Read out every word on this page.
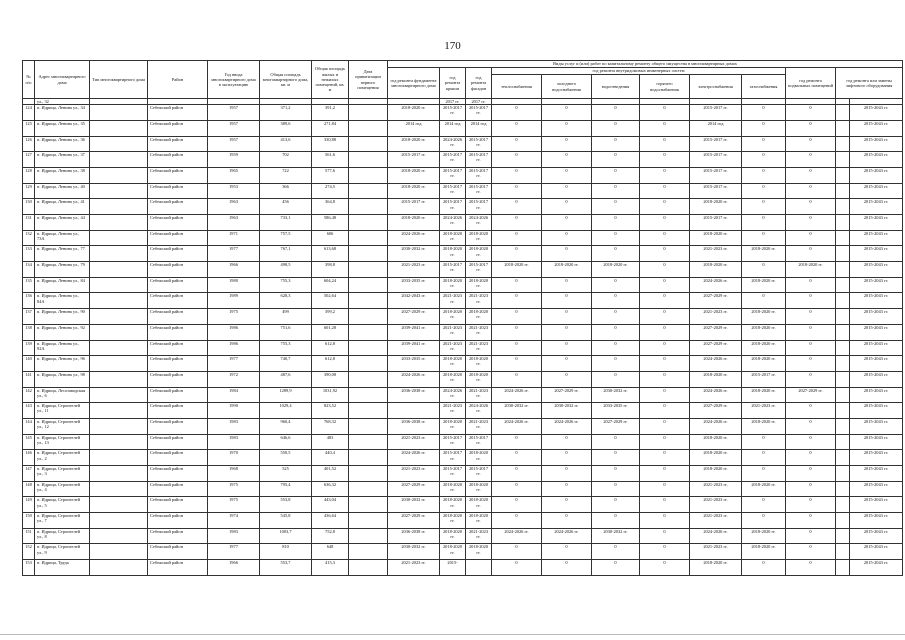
170
№ п/п	Адрес многоквартирного дома	Тип многоквартирного дома	Район	Год ввода многоквартирного дома в эксплуатацию	Общая площадь многоквартирного дома, кв. м	Общая площадь жилых и нежилых помещений, кв. м	Дата приватизации первого помещения	Виды услуг и (или) работ по капитальному ремонту общего имущества в многоквартирных домах												
								год ремонта фундамента многоквартирного дома	год ремонта крыши	год ремонта фасадов	год ремонта внутридомовых инженерных систем						год ремонта подвальных помещений	год ремонта или замены лифтового оборудования	
											теплоснабжения	холодного водоснабжения	водоотведения	горячего водоснабжения	электроснабжения	газоснабжения				
	ул., 32								2017 гг.	2017 гг.										
124	п. Идрица, Ленина ул., 34		Себежский район	1957	371,2	391,2		2018-2020 гг.	2015-2017 гг.	2015-2017 гг.	0	0	0	0	2015-2017 гг.	0	0		2015-2043 гг.	
125	п. Идрица, Ленина ул., 35		Себежский район	1957	389,6	271,84		2014 год	2014 год	2014 год	0	0	0	0	2014 год	0	0		2015-2043 гг.	
126	п. Идрица, Ленина ул., 36		Себежский район	1957	413,6	330,88		2018-2020 гг.	2024-2026 гг.	2015-2017 гг.	0	0	0	0	2015-2017 гг.	0	0		2015-2043 гг.	
127	п. Идрица, Ленина ул., 37		Себежский район	1959	702	561,6		2015-2017 гг.	2015-2017 гг.	2015-2017 гг.	0	0	0	0	2015-2017 гг.	0	0		2015-2043 гг.	
128	п. Идрица, Ленина ул., 38		Себежский район	1965	722	577,6		2018-2020 гг.	2015-2017 гг.	2015-2017 гг.	0	0	0	0	2015-2017 гг.	0	0		2015-2043 гг.	
129	п. Идрица, Ленина ул., 40		Себежский район	1953	366	274,5		2018-2020 гг.	2015-2017 гг.	2015-2017 гг.	0	0	0	0	2015-2017 гг.	0	0		2015-2043 гг.	
130	п. Идрица, Ленина ул., 41		Себежский район	1963	456	364,8		2015-2017 гг.	2015-2017 гг.	2015-2017 гг.	0	0	0	0	2018-2020 гг.	0	0		2015-2043 гг.	
131	п. Идрица, Ленина ул., 44		Себежский район	1963	733,1	586,48		2018-2020 гг.	2024-2026 гг.	2024-2026 гг.	0	0	0	0	2015-2017 гг.	0	0		2015-2043 гг.	
132	п. Идрица, Ленина ул., 73А		Себежский район	1971	757,5	606		2024-2026 гг.	2018-2020 гг.	2018-2020 гг.	0	0	0	0	2018-2020 гг.	0	0		2015-2043 гг.	
133	п. Идрица, Ленина ул., 77		Себежский район	1977	767,1	613,68		2030-2032 гг.	2018-2020 гг.	2018-2020 гг.	0	0	0	0	2021-2023 гг.	2018-2020 гг.	0		2015-2043 гг.	
134	п. Идрица, Ленина ул., 79		Себежский район	1966	498,5	398,8		2021-2023 гг.	2015-2017 гг.	2015-2017 гг.	2018-2020 гг.	2018-2020 гг.	2018-2020 гг.	0	2018-2020 гг.	0	2018-2020 гг.		2015-2043 гг.	
135	п. Идрица, Ленина ул., 84		Себежский район	1980	755,3	604,24		2033-2035 гг.	2018-2020 гг.	2018-2020 гг.	0	0	0	0	2024-2026 гг.	2018-2020 гг.	0		2015-2043 гг.	
136	п. Идрица, Ленина ул., 84А		Себежский район	1989	628,3	502,64		2042-2043 гг.	2021-2023 гг.	2021-2023 гг.	0	0	0	0	2027-2029 гг.	0	0		2015-2043 гг.	
137	п. Идрица, Ленина ул., 90		Себежский район	1975	499	399,2		2027-2029 гг.	2018-2020 гг.	2018-2020 гг.	0	0	0	0	2021-2023 гг.	2018-2020 гг.	0		2015-2043 гг.	
138	п. Идрица, Ленина ул., 92		Себежский район	1986	751,6	601,28		2039-2041 гг.	2021-2023 гг.	2021-2023 гг.	0	0	0	0	2027-2029 гг.	2018-2020 гг.	0		2015-2043 гг.	
139	п. Идрица, Ленина ул., 92А		Себежский район	1986	755,3	612,8		2039-2041 гг.	2021-2023 гг.	2021-2023 гг.	0	0	0	0	2027-2029 гг.	2018-2020 гг.	0		2015-2043 гг.	
140	п. Идрица, Ленина ул., 96		Себежский район	1977	740,7	612,8		2033-2035 гг.	2018-2020 гг.	2018-2020 гг.	0	0	0	0	2024-2026 гг.	2018-2020 гг.	0		2015-2043 гг.	
141	п. Идрица, Ленина ул., 98		Себежский район	1972	487,6	390,08		2024-2026 гг.	2018-2020 гг.	2018-2020 гг.	0	0	0	0	2018-2020 гг.	2015-2017 гг.	0		2015-2043 гг.	
142	п. Идрица, Лесозаводская ул., 6		Себежский район	1984	1289,9	1031,92		2036-2038 гг.	2024-2026 гг.	2021-2023 гг.	2024-2026 гг.	2027-2029 гг.	2030-2032 гг.	0	2024-2026 гг.	2018-2020 гг.	2027-2029 гг.		2015-2043 гг.	
143	п. Идрица, Строителей ул., 11		Себежский район	1990	1029,4	823,52			2021-2023 гг.	2024-2026 гг.	2030-2032 гг.	2030-2032 гг.	2033-2035 гг.	0	2027-2029 гг.	2021-2023 гг.	0		2015-2043 гг.	
144	п. Идрица, Строителей ул., 12		Себежский район	1983	960,4	768,32		2036-2038 гг.	2018-2020 гг.	2021-2023 гг.	2024-2026 гг.	2024-2026 гг.	2027-2029 гг.	0	2024-2026 гг.	2018-2020 гг.	0		2015-2043 гг.	
145	п. Идрица, Строителей ул., 13		Себежский район	1983	646,6	483		2021-2023 гг.	2015-2017 гг.	2015-2017 гг.	0	0	0	0	2018-2020 гг.	0	0		2015-2043 гг.	
146	п. Идрица, Строителей ул., 2		Себежский район	1970	550,5	440,4		2024-2026 гг.	2015-2017 гг.	2018-2020 гг.	0	0	0	0	2018-2020 гг.	0	0		2015-2043 гг.	
147	п. Идрица, Строителей ул., 3		Себежский район	1968	525	401,52		2021-2023 гг.	2015-2017 гг.	2015-2017 гг.	0	0	0	0	2018-2020 гг.	0	0		2015-2043 гг.	
148	п. Идрица, Строителей ул., 4		Себежский район	1975	795,4	636,32		2027-2029 гг.	2018-2020 гг.	2018-2020 гг.	0	0	0	0	2021-2023 гг.	2018-2020 гг.	0		2015-2043 гг.	
149	п. Идрица, Строителей ул., 5		Себежский район	1975	553,8	443,04		2030-2032 гг.	2018-2020 гг.	2018-2020 гг.	0	0	0	0	2021-2023 гг.	0	0		2015-2043 гг.	
150	п. Идрица, Строителей ул., 7		Себежский район	1974	545,8	436,64		2027-2029 гг.	2018-2020 гг.	2018-2020 гг.	0	0	0	0	2021-2023 гг.	0	0		2015-2043 гг.	
151	п. Идрица, Строителей ул., 8		Себежский район	1983	1003,7	752,8		2036-2038 гг.	2018-2020 гг.	2021-2023 гг.	2024-2026 гг.	2024-2026 гг.	2030-2032 гг.	0	2024-2026 гг.	2018-2020 гг.	0		2015-2043 гг.	
152	п. Идрица, Строителей ул., 9		Себежский район	1977	810	648		2030-2032 гг.	2018-2020 гг.	2018-2020 гг.	0	0	0	0	2021-2023 гг.	2018-2020 гг.	0		2015-2043 гг.	
153	п. Идрица, Труда		Себежский район	1966	553,7	415,3		2021-2023 гг.	2015-		0	0	0	0	2018-2020 гг.	0	0		2015-2043 гг.	
